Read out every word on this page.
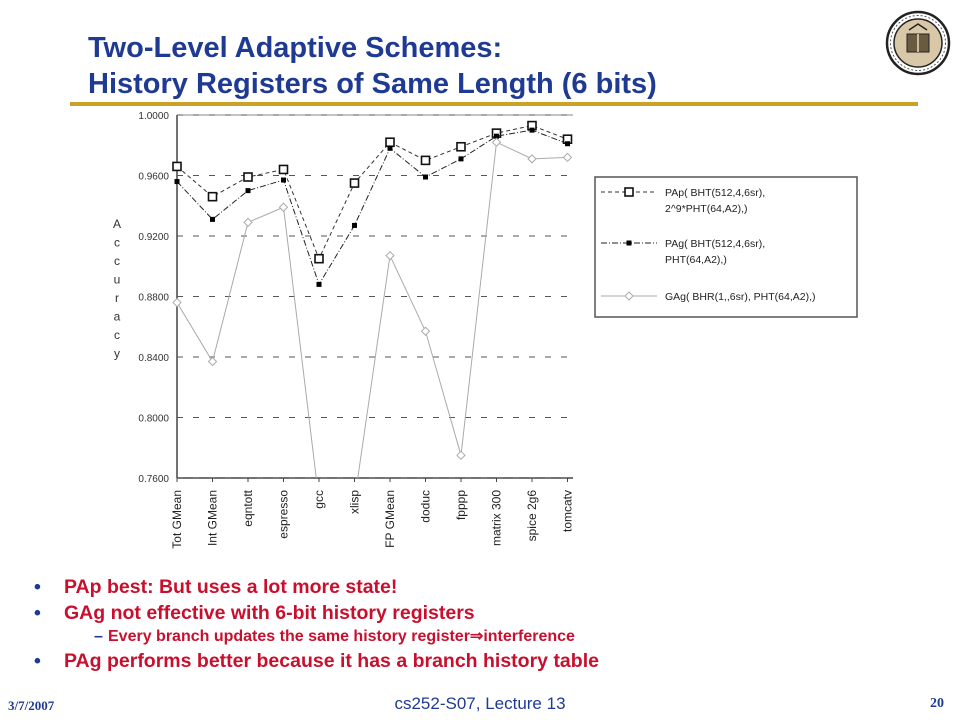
Two-Level Adaptive Schemes:
History Registers of Same Length (6 bits)
0.7600
0.8000
0.8400
0.8800
0.9200
0.9600
1.0000
A
c
c
u
r
a
c
y
Tot GMean Int GMean eqntott espresso gcc xlisp FP GMean doduc fpppp matrix 300 spice 2g6 tomcatv
PAp( BHT(512,4,6sr),
2^9*PHT(64,A2),)
PAg( BHT(512,4,6sr),
PHT(64,A2),)
GAg( BHR(1,,6sr), PHT(64,A2),)
• PAp best: But uses a lot more state!
• GAg not effective with 6-bit history registers
– Every branch updates the same history register⇒interference
• PAg performs better because it has a branch history table
3/7/2007	cs252-S07, Lecture 13	20
